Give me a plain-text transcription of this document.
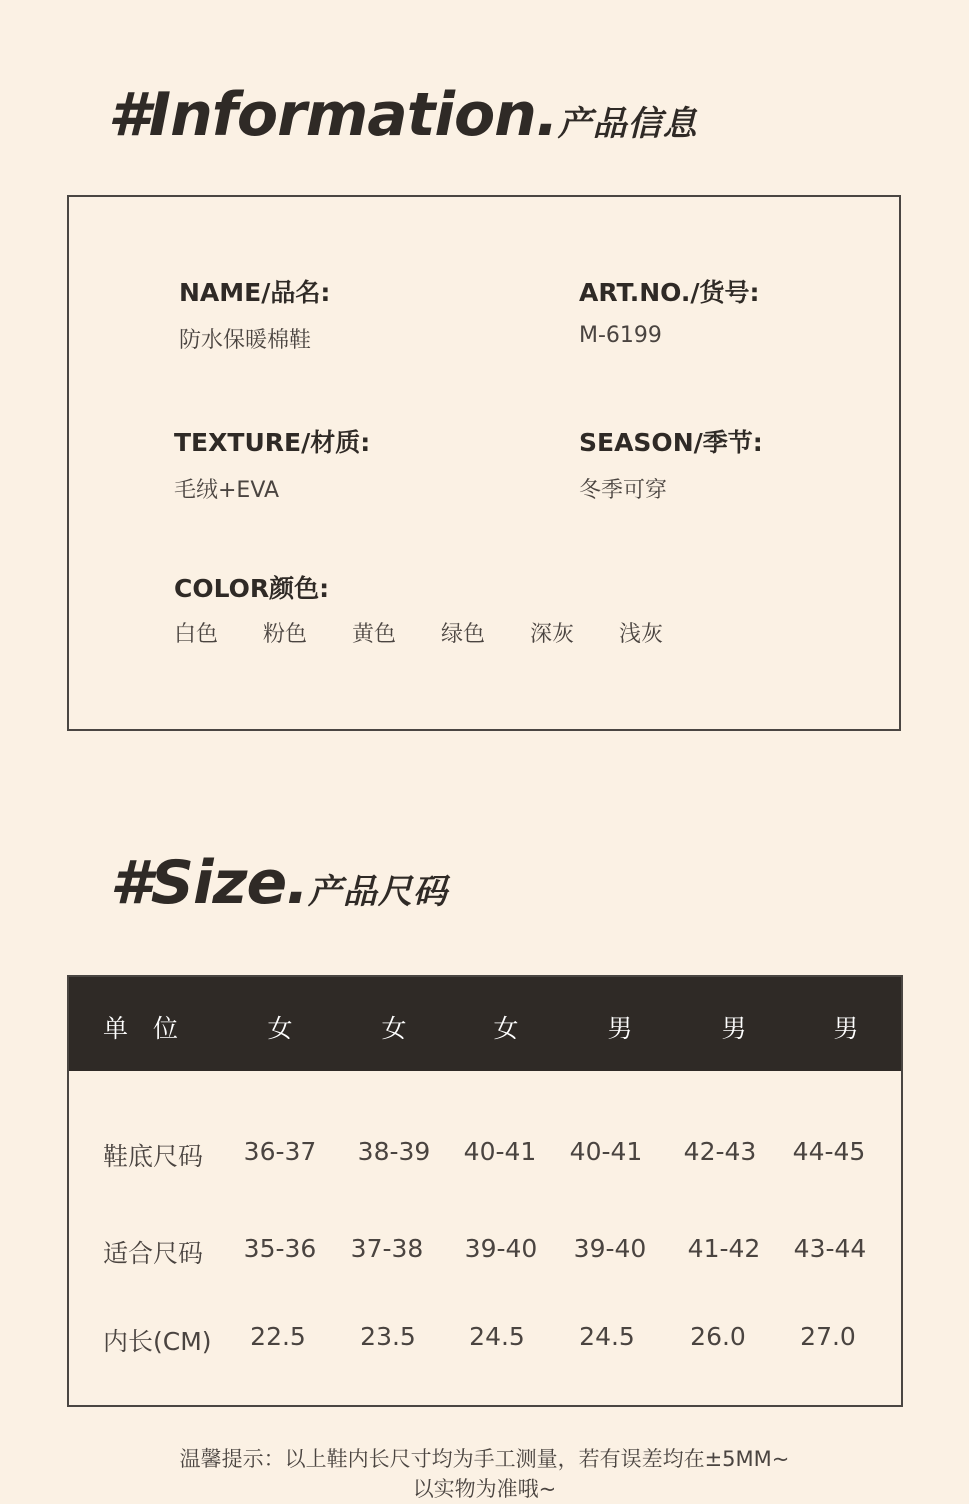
#Information.产品信息
NAME/品名:
防水保暖棉鞋
ART.NO./货号:
M-6199
TEXTURE/材质:
毛绒+EVA
SEASON/季节:
冬季可穿
COLOR颜色:
白色	粉色	黄色	绿色	深灰	浅灰
#Size.产品尺码
单　位	女	女	女	男	男	男
鞋底尺码 36-37 38-39 40-41 40-41 42-43 44-45
适合尺码 35-36 37-38 39-40 39-40 41-42 43-44
内长(CM) 22.5 23.5 24.5 24.5 26.0 27.0
温馨提示：以上鞋内长尺寸均为手工测量，若有误差均在±5MM~
以实物为准哦~
